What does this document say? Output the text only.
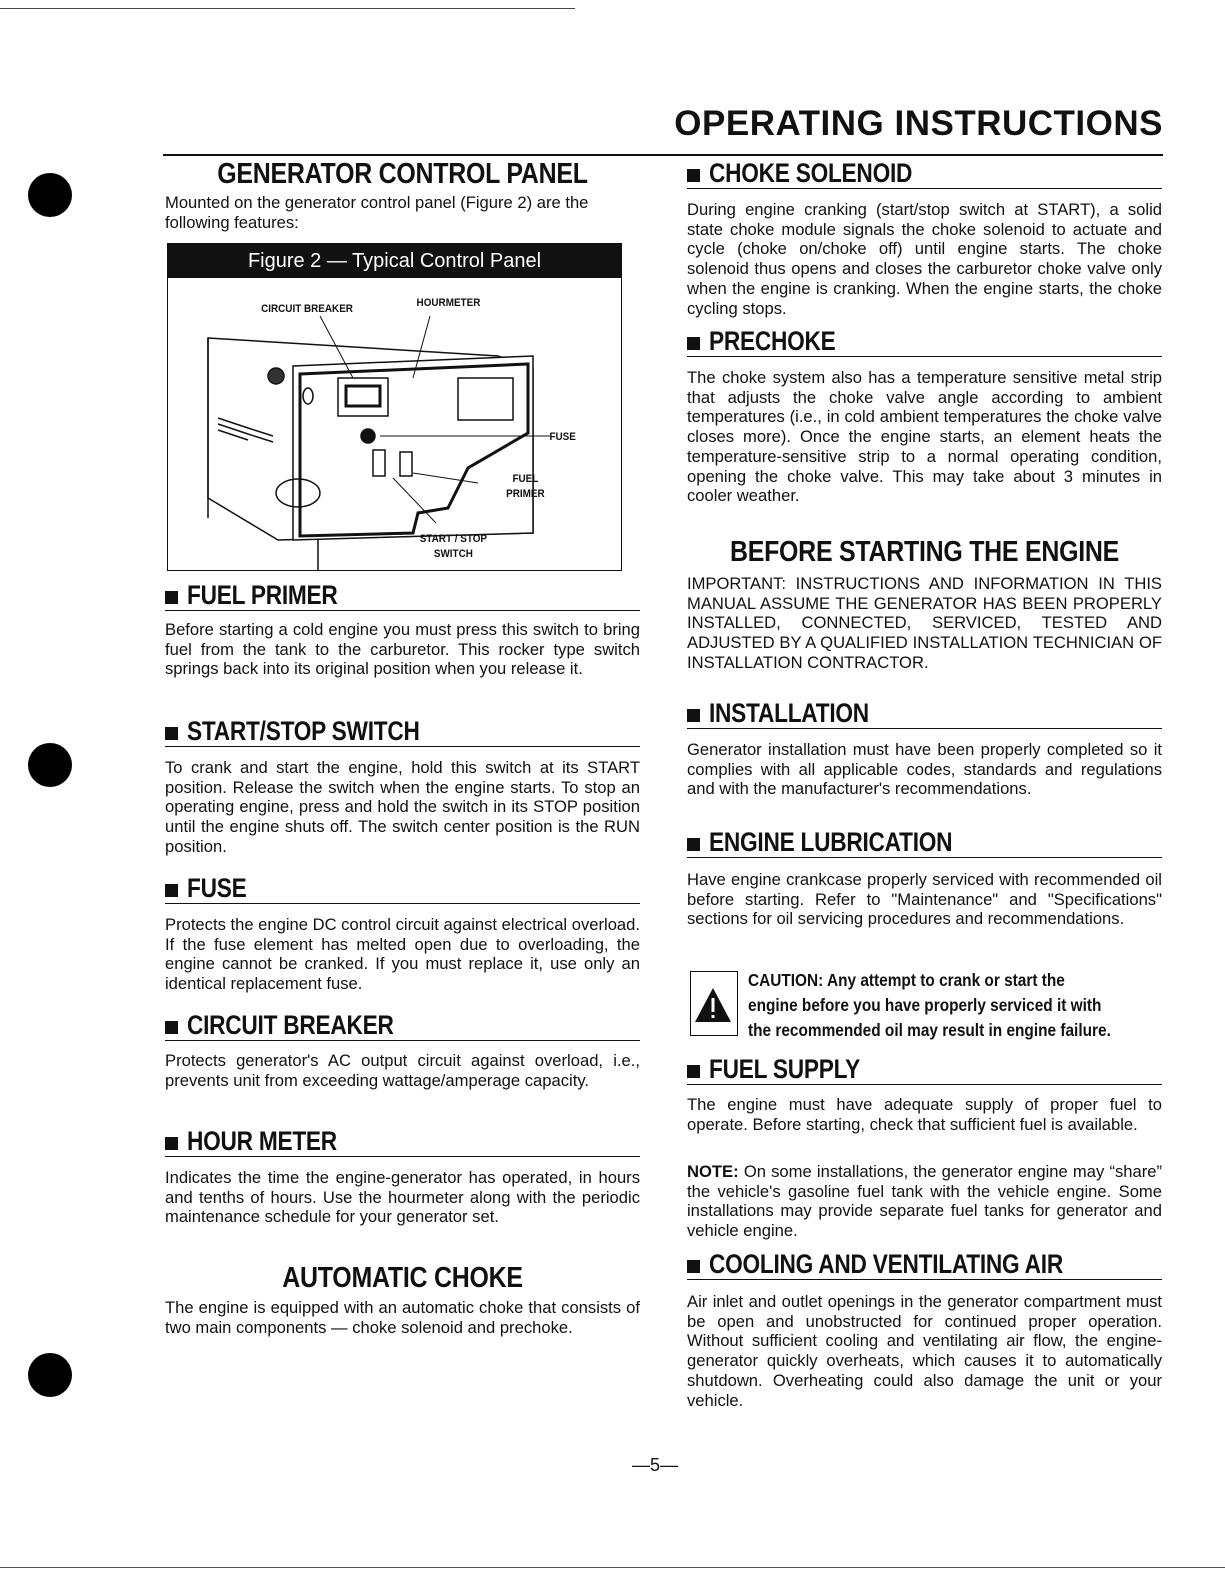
OPERATING INSTRUCTIONS
GENERATOR CONTROL PANEL
Mounted on the generator control panel (Figure 2) are the following features:
Figure 2 — Typical Control Panel
CIRCUIT BREAKER	HOURMETER
FUSE
FUEL
PRIMER
START / STOP
SWITCH
FUEL PRIMER
Before starting a cold engine you must press this switch to bring fuel from the tank to the carburetor. This rocker type switch springs back into its original position when you release it.
START/STOP SWITCH
To crank and start the engine, hold this switch at its START position. Release the switch when the engine starts. To stop an operating engine, press and hold the switch in its STOP position until the engine shuts off. The switch center position is the RUN position.
FUSE
Protects the engine DC control circuit against electrical overload. If the fuse element has melted open due to overloading, the engine cannot be cranked. If you must replace it, use only an identical replacement fuse.
CIRCUIT BREAKER
Protects generator's AC output circuit against overload, i.e., prevents unit from exceeding wattage/amperage capacity.
HOUR METER
Indicates the time the engine-generator has operated, in hours and tenths of hours. Use the hourmeter along with the periodic maintenance schedule for your generator set.
AUTOMATIC CHOKE
The engine is equipped with an automatic choke that consists of two main components — choke solenoid and prechoke.
CHOKE SOLENOID
During engine cranking (start/stop switch at START), a solid state choke module signals the choke solenoid to actuate and cycle (choke on/choke off) until engine starts. The choke solenoid thus opens and closes the carburetor choke valve only when the engine is cranking. When the engine starts, the choke cycling stops.
PRECHOKE
The choke system also has a temperature sensitive metal strip that adjusts the choke valve angle according to ambient temperatures (i.e., in cold ambient temperatures the choke valve closes more). Once the engine starts, an element heats the temperature-sensitive strip to a normal operating condition, opening the choke valve. This may take about 3 minutes in cooler weather.
BEFORE STARTING THE ENGINE
IMPORTANT: INSTRUCTIONS AND INFORMATION IN THIS MANUAL ASSUME THE GENERATOR HAS BEEN PROPERLY INSTALLED, CONNECTED, SERVICED, TESTED AND ADJUSTED BY A QUALIFIED INSTALLATION TECHNICIAN OF INSTALLATION CONTRACTOR.
INSTALLATION
Generator installation must have been properly completed so it complies with all applicable codes, standards and regulations and with the manufacturer's recommendations.
ENGINE LUBRICATION
Have engine crankcase properly serviced with recommended oil before starting. Refer to "Maintenance" and "Specifications" sections for oil servicing procedures and recommendations.
CAUTION: Any attempt to crank or start the
engine before you have properly serviced it with
the recommended oil may result in engine failure.
FUEL SUPPLY
The engine must have adequate supply of proper fuel to operate. Before starting, check that sufficient fuel is available.
NOTE: On some installations, the generator engine may “share” the vehicle's gasoline fuel tank with the vehicle engine. Some installations may provide separate fuel tanks for generator and vehicle engine.
COOLING AND VENTILATING AIR
Air inlet and outlet openings in the generator compartment must be open and unobstructed for continued proper operation. Without sufficient cooling and ventilating air flow, the engine-generator quickly overheats, which causes it to automatically shutdown. Overheating could also damage the unit or your vehicle.
—5—
